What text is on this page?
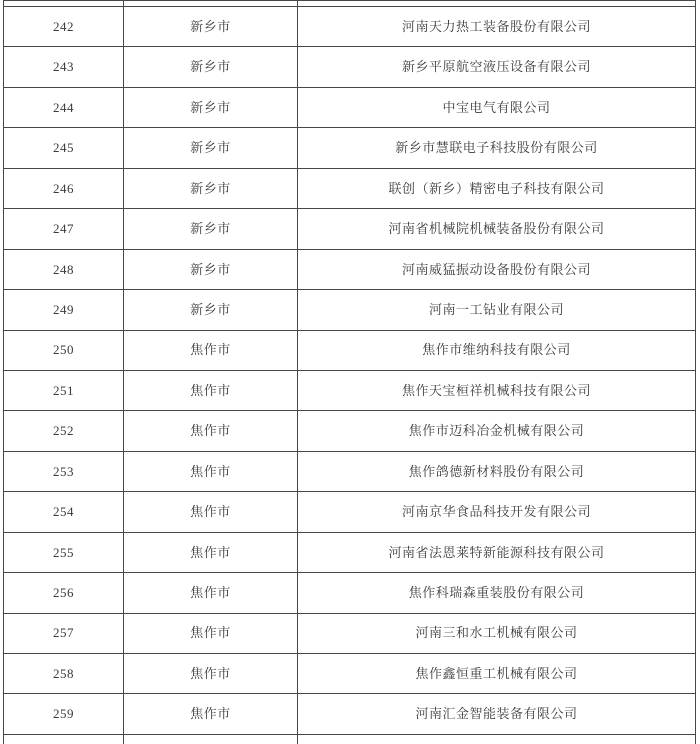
242	新乡市	河南天力热工装备股份有限公司
243	新乡市	新乡平原航空液压设备有限公司
244	新乡市	中宝电气有限公司
245	新乡市	新乡市慧联电子科技股份有限公司
246	新乡市	联创（新乡）精密电子科技有限公司
247	新乡市	河南省机械院机械装备股份有限公司
248	新乡市	河南威猛振动设备股份有限公司
249	新乡市	河南一工钻业有限公司
250	焦作市	焦作市维纳科技有限公司
251	焦作市	焦作天宝桓祥机械科技有限公司
252	焦作市	焦作市迈科冶金机械有限公司
253	焦作市	焦作鸽德新材料股份有限公司
254	焦作市	河南京华食品科技开发有限公司
255	焦作市	河南省法恩莱特新能源科技有限公司
256	焦作市	焦作科瑞森重装股份有限公司
257	焦作市	河南三和水工机械有限公司
258	焦作市	焦作鑫恒重工机械有限公司
259	焦作市	河南汇金智能装备有限公司
